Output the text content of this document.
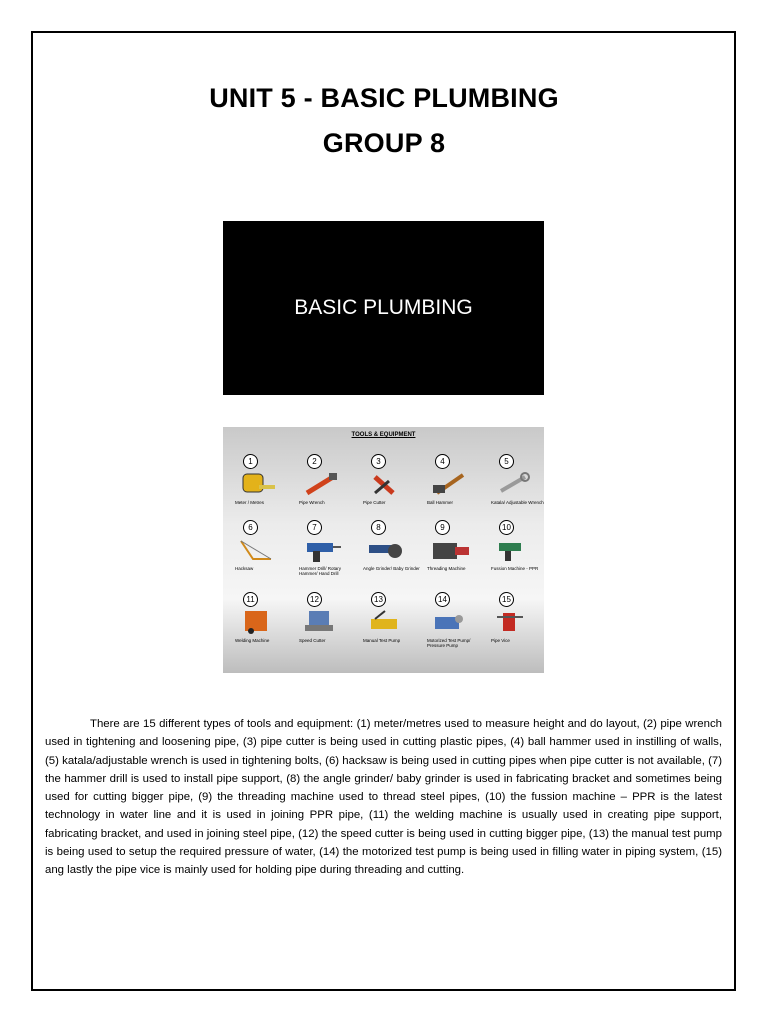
UNIT 5 - BASIC PLUMBING
GROUP 8
BASIC PLUMBING
TOOLS & EQUIPMENT
1
Meter / Metres
2
Pipe Wrench
3
Pipe Cutter
4
Ball Hammer
5
Katala/ Adjustable Wrench
6
Hacksaw
7
Hammer Drill/ Rotary Hammer/ Hand Drill
8
Angle Grinder/ Baby Grinder
9
Threading Machine
10
Fussion Machine - PPR
11
Welding Machine
12
Speed Cutter
13
Manual Test Pump
14
Motorized Test Pump/ Pressure Pump
15
Pipe Vice

There are 15 different types of tools and equipment: (1) meter/metres used to measure height and do layout, (2) pipe wrench used in tightening and loosening pipe, (3) pipe cutter is being used in cutting plastic pipes, (4) ball hammer used in instilling of walls, (5) katala/adjustable wrench is used in tightening bolts, (6) hacksaw is being used in cutting pipes when pipe cutter is not available, (7) the hammer drill is used to install pipe support, (8) the angle grinder/ baby grinder is used in fabricating bracket and sometimes being used for cutting bigger pipe, (9) the threading machine used to thread steel pipes, (10) the fussion machine – PPR is the latest technology in water line and it is used in joining PPR pipe, (11) the welding machine is usually used in creating pipe support, fabricating bracket, and used in joining steel pipe, (12) the speed cutter is being used in cutting bigger pipe, (13) the manual test pump is being used to setup the required pressure of water, (14) the motorized test pump is being used in filling water in piping system, (15) ang lastly the pipe vice is mainly used for holding pipe during threading and cutting.
